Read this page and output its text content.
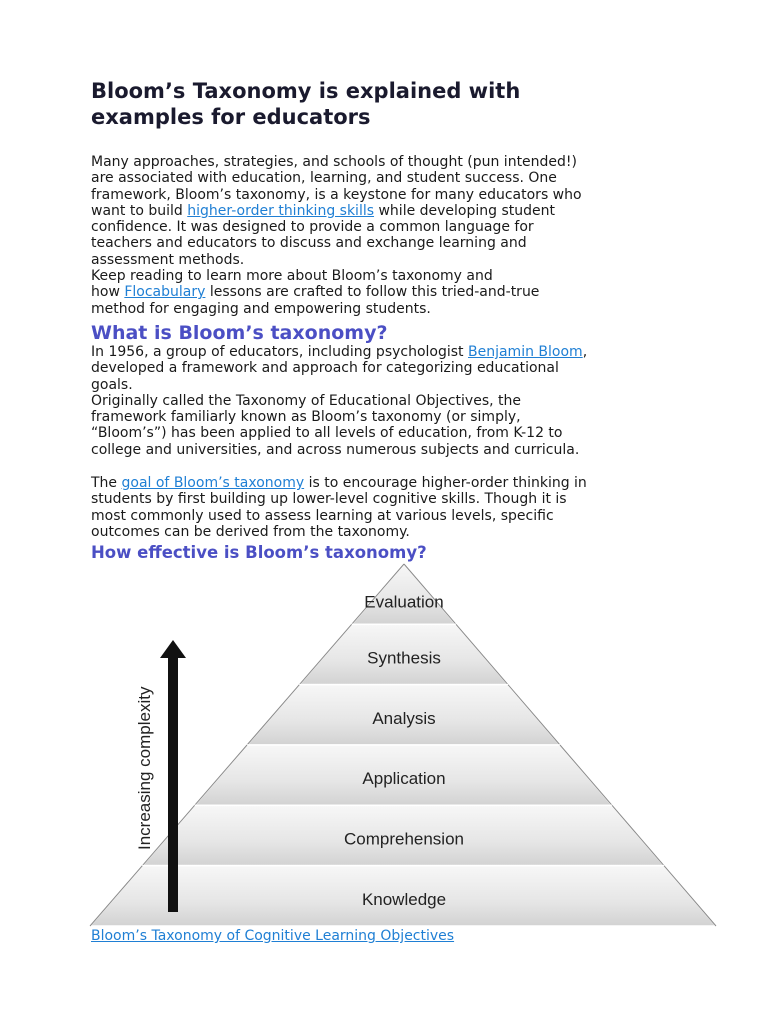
Bloom’s Taxonomy is explained with
examples for educators
Many approaches, strategies, and schools of thought (pun intended!)
are associated with education, learning, and student success. One
framework, Bloom’s taxonomy, is a keystone for many educators who
want to build higher-order thinking skills while developing student
confidence. It was designed to provide a common language for
teachers and educators to discuss and exchange learning and
assessment methods.
Keep reading to learn more about Bloom’s taxonomy and
how Flocabulary lessons are crafted to follow this tried-and-true
method for engaging and empowering students.
What is Bloom’s taxonomy?
In 1956, a group of educators, including psychologist Benjamin Bloom,
developed a framework and approach for categorizing educational
goals.
Originally called the Taxonomy of Educational Objectives, the
framework familiarly known as Bloom’s taxonomy (or simply,
“Bloom’s”) has been applied to all levels of education, from K-12 to
college and universities, and across numerous subjects and curricula.
The goal of Bloom’s taxonomy is to encourage higher-order thinking in
students by first building up lower-level cognitive skills. Though it is
most commonly used to assess learning at various levels, specific
outcomes can be derived from the taxonomy.
How effective is Bloom’s taxonomy?
Increasing complexity
Evaluation
Synthesis
Analysis
Application
Comprehension
Knowledge

Bloom’s Taxonomy of Cognitive Learning Objectives
